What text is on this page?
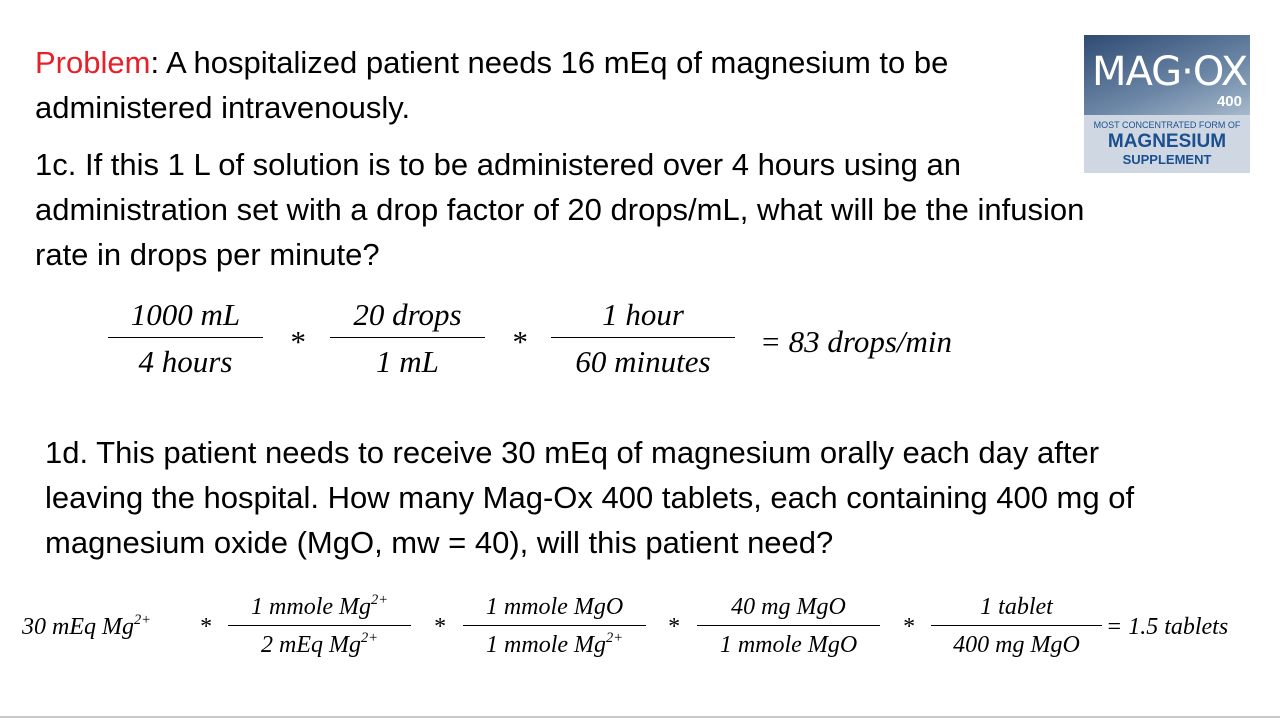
Problem: A hospitalized patient needs 16 mEq of magnesium to be

administered intravenously.

1c. If this 1 L of solution is to be administered over 4 hours using an

administration set with a drop factor of 20 drops/mL, what will be the infusion

rate in drops per minute?

1000 mL
4 hours
*
20 drops
1 mL
*
1 hour
60 minutes
= 83 drops/min

1d. This patient needs to receive 30 mEq of magnesium orally each day after

leaving the hospital. How many Mag-Ox 400 tablets, each containing 400 mg of

magnesium oxide (MgO, mw = 40), will this patient need?

30 mEq $Mg^{2+}$ *
1 mmole $Mg^{2+}$
2 mEq $Mg^{2+}$	*
1 mmole MgO
1 mmole $Mg^{2+}$	*
40 mg MgO
1 mmole MgO
*
1 tablet
400 mg MgO
= 1.5 tablets
MAG·OX
400
MOST CONCENTRATED FORM OF
MAGNESIUM
SUPPLEMENT
